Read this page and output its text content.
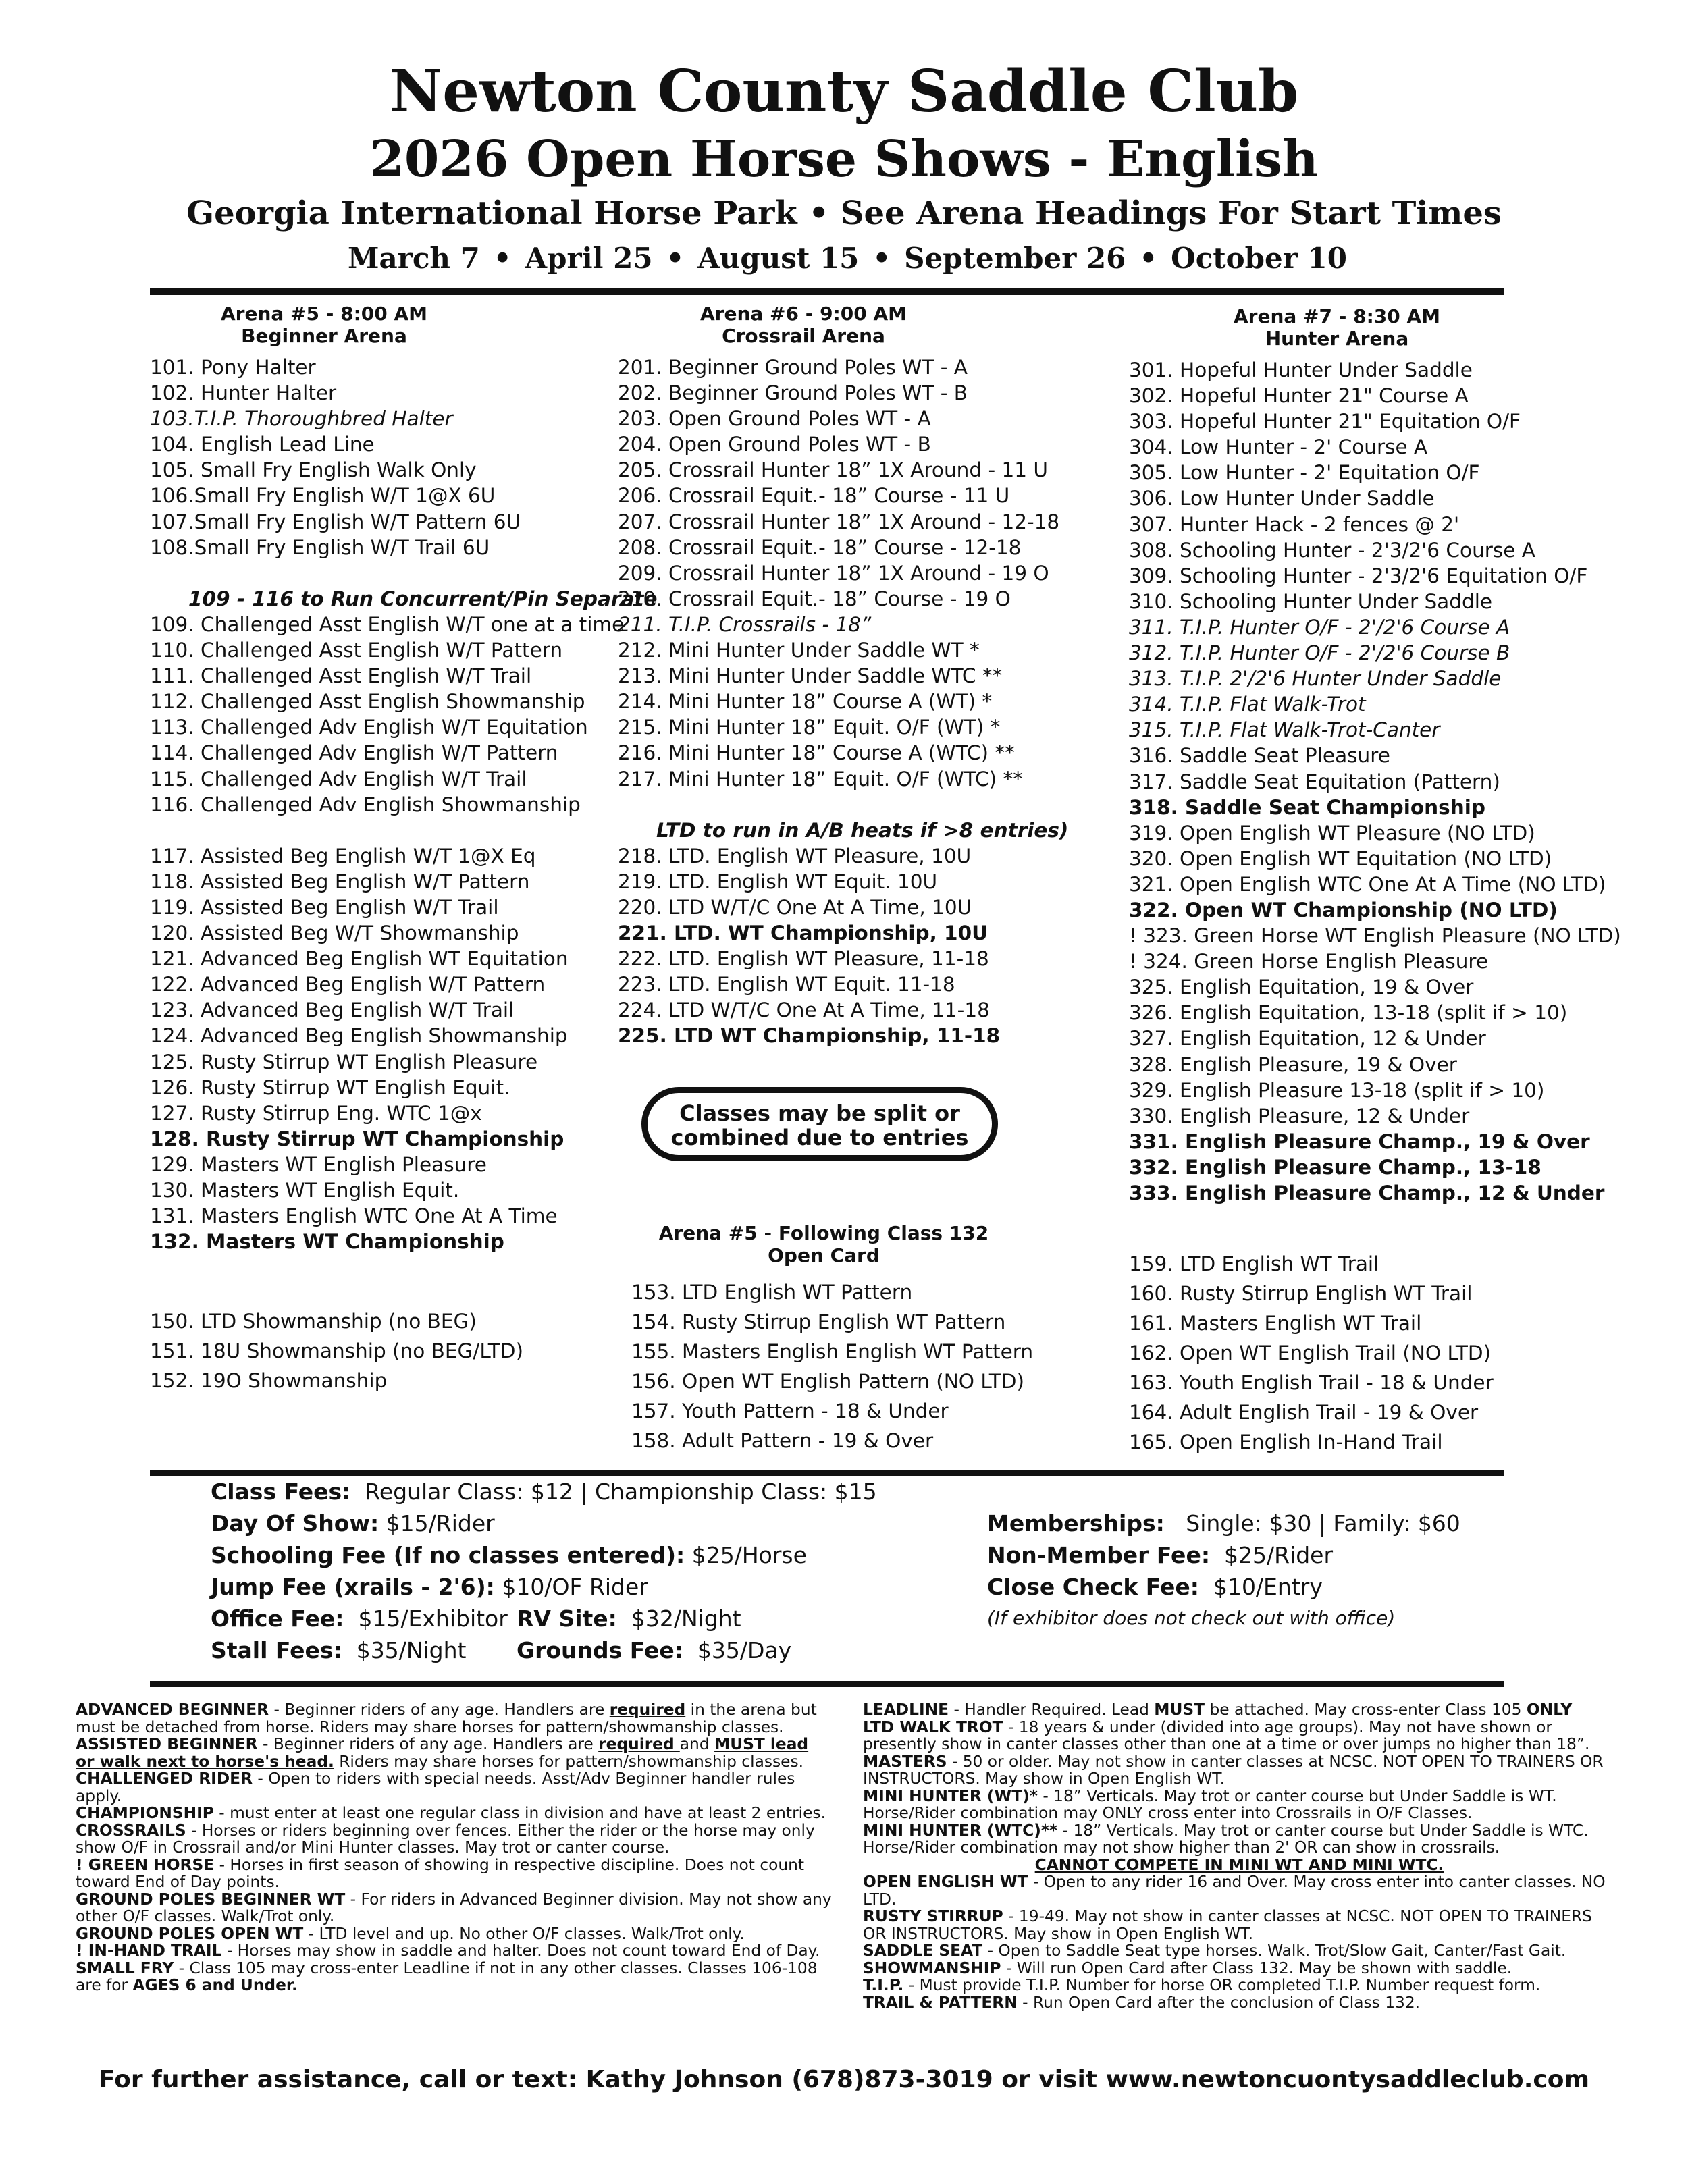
Newton County Saddle Club
2026 Open Horse Shows - English
Georgia International Horse Park • See Arena Headings For Start Times
March 7 • April 25 • August 15 • September 26 • October 10
Arena #5 - 8:00 AM
Beginner Arena
Arena #6 - 9:00 AM
Crossrail Arena
Arena #7 - 8:30 AM
Hunter Arena
101. Pony Halter
102. Hunter Halter
103.T.I.P. Thoroughbred Halter
104. English Lead Line
105. Small Fry English Walk Only
106.Small Fry English W/T 1@X 6U
107.Small Fry English W/T Pattern 6U
108.Small Fry English W/T Trail 6U
109 - 116 to Run Concurrent/Pin Separate
109. Challenged Asst English W/T one at a time
110. Challenged Asst English W/T Pattern
111. Challenged Asst English W/T Trail
112. Challenged Asst English Showmanship
113. Challenged Adv English W/T Equitation
114. Challenged Adv English W/T Pattern
115. Challenged Adv English W/T Trail
116. Challenged Adv English Showmanship
117. Assisted Beg English W/T 1@X Eq
118. Assisted Beg English W/T Pattern
119. Assisted Beg English W/T Trail
120. Assisted Beg W/T Showmanship
121. Advanced Beg English WT Equitation
122. Advanced Beg English W/T Pattern
123. Advanced Beg English W/T Trail
124. Advanced Beg English Showmanship
125. Rusty Stirrup WT English Pleasure
126. Rusty Stirrup WT English Equit.
127. Rusty Stirrup Eng. WTC 1@x
128. Rusty Stirrup WT Championship
129. Masters WT English Pleasure
130. Masters WT English Equit.
131. Masters English WTC One At A Time
132. Masters WT Championship
201. Beginner Ground Poles WT - A
202. Beginner Ground Poles WT - B
203. Open Ground Poles WT - A
204. Open Ground Poles WT - B
205. Crossrail Hunter 18” 1X Around - 11 U
206. Crossrail Equit.- 18” Course - 11 U
207. Crossrail Hunter 18” 1X Around - 12-18
208. Crossrail Equit.- 18” Course - 12-18
209. Crossrail Hunter 18” 1X Around - 19 O
210. Crossrail Equit.- 18” Course - 19 O
211. T.I.P. Crossrails - 18”
212. Mini Hunter Under Saddle WT *
213. Mini Hunter Under Saddle WTC **
214. Mini Hunter 18” Course A (WT) *
215. Mini Hunter 18” Equit. O/F (WT) *
216. Mini Hunter 18” Course A (WTC) **
217. Mini Hunter 18” Equit. O/F (WTC) **
LTD to run in A/B heats if >8 entries)
218. LTD. English WT Pleasure, 10U
219. LTD. English WT Equit. 10U
220. LTD W/T/C One At A Time, 10U
221. LTD. WT Championship, 10U
222. LTD. English WT Pleasure, 11-18
223. LTD. English WT Equit. 11-18
224. LTD W/T/C One At A Time, 11-18
225. LTD WT Championship, 11-18
301. Hopeful Hunter Under Saddle
302. Hopeful Hunter 21" Course A
303. Hopeful Hunter 21" Equitation O/F
304. Low Hunter - 2' Course A
305. Low Hunter - 2' Equitation O/F
306. Low Hunter Under Saddle
307. Hunter Hack - 2 fences @ 2'
308. Schooling Hunter - 2'3/2'6 Course A
309. Schooling Hunter - 2'3/2'6 Equitation O/F
310. Schooling Hunter Under Saddle
311. T.I.P. Hunter O/F - 2'/2'6 Course A
312. T.I.P. Hunter O/F - 2'/2'6 Course B
313. T.I.P. 2'/2'6 Hunter Under Saddle
314. T.I.P. Flat Walk-Trot
315. T.I.P. Flat Walk-Trot-Canter
316. Saddle Seat Pleasure
317. Saddle Seat Equitation (Pattern)
318. Saddle Seat Championship
319. Open English WT Pleasure (NO LTD)
320. Open English WT Equitation (NO LTD)
321. Open English WTC One At A Time (NO LTD)
322. Open WT Championship (NO LTD)
! 323. Green Horse WT English Pleasure (NO LTD)
! 324. Green Horse English Pleasure
325. English Equitation, 19 & Over
326. English Equitation, 13-18 (split if > 10)
327. English Equitation, 12 & Under
328. English Pleasure, 19 & Over
329. English Pleasure 13-18 (split if > 10)
330. English Pleasure, 12 & Under
331. English Pleasure Champ., 19 & Over
332. English Pleasure Champ., 13-18
333. English Pleasure Champ., 12 & Under
Classes may be split or
combined due to entries
Arena #5 - Following Class 132
Open Card
150. LTD Showmanship (no BEG)
151. 18U Showmanship (no BEG/LTD)
152. 19O Showmanship
153. LTD English WT Pattern
154. Rusty Stirrup English WT Pattern
155. Masters English English WT Pattern
156. Open WT English Pattern (NO LTD)
157. Youth Pattern - 18 & Under
158. Adult Pattern - 19 & Over
159. LTD English WT Trail
160. Rusty Stirrup English WT Trail
161. Masters English WT Trail
162. Open WT English Trail (NO LTD)
163. Youth English Trail - 18 & Under
164. Adult English Trail - 19 & Over
165. Open English In-Hand Trail
Class Fees: Regular Class: $12 | Championship Class: $15
Day Of Show: $15/Rider
Schooling Fee (If no classes entered): $25/Horse
Jump Fee (xrails - 2'6): $10/OF Rider
Office Fee: $15/Exhibitor RV Site: $32/Night
Stall Fees: $35/Night Grounds Fee: $35/Day
Memberships: Single: $30 | Family: $60
Non-Member Fee: $25/Rider
Close Check Fee: $10/Entry
(If exhibitor does not check out with office)

ADVANCED BEGINNER - Beginner riders of any age. Handlers are required in the arena but must be detached from horse. Riders may share horses for pattern/showmanship classes.

ASSISTED BEGINNER - Beginner riders of any age. Handlers are required and MUST lead or walk next to horse's head. Riders may share horses for pattern/showmanship classes.

CHALLENGED RIDER - Open to riders with special needs. Asst/Adv Beginner handler rules apply.

CHAMPIONSHIP - must enter at least one regular class in division and have at least 2 entries.

CROSSRAILS - Horses or riders beginning over fences. Either the rider or the horse may only show O/F in Crossrail and/or Mini Hunter classes. May trot or canter course.

! GREEN HORSE - Horses in first season of showing in respective discipline. Does not count toward End of Day points.

GROUND POLES BEGINNER WT - For riders in Advanced Beginner division. May not show any other O/F classes. Walk/Trot only.

GROUND POLES OPEN WT - LTD level and up. No other O/F classes. Walk/Trot only.

! IN-HAND TRAIL - Horses may show in saddle and halter. Does not count toward End of Day.

SMALL FRY - Class 105 may cross-enter Leadline if not in any other classes. Classes 106-108 are for AGES 6 and Under.

LEADLINE - Handler Required. Lead MUST be attached. May cross-enter Class 105 ONLY

LTD WALK TROT - 18 years & under (divided into age groups). May not have shown or presently show in canter classes other than one at a time or over jumps no higher than 18”.

MASTERS - 50 or older. May not show in canter classes at NCSC. NOT OPEN TO TRAINERS OR INSTRUCTORS. May show in Open English WT.

MINI HUNTER (WT)* - 18” Verticals. May trot or canter course but Under Saddle is WT. Horse/Rider combination may ONLY cross enter into Crossrails in O/F Classes.

MINI HUNTER (WTC)** - 18” Verticals. May trot or canter course but Under Saddle is WTC. Horse/Rider combination may not show higher than 2' OR can show in crossrails.

CANNOT COMPETE IN MINI WT AND MINI WTC.

OPEN ENGLISH WT - Open to any rider 16 and Over. May cross enter into canter classes. NO LTD.

RUSTY STIRRUP - 19-49. May not show in canter classes at NCSC. NOT OPEN TO TRAINERS OR INSTRUCTORS. May show in Open English WT.

SADDLE SEAT - Open to Saddle Seat type horses. Walk. Trot/Slow Gait, Canter/Fast Gait.

SHOWMANSHIP - Will run Open Card after Class 132. May be shown with saddle.

T.I.P. - Must provide T.I.P. Number for horse OR completed T.I.P. Number request form.

TRAIL & PATTERN - Run Open Card after the conclusion of Class 132.

For further assistance, call or text: Kathy Johnson (678)873-3019 or visit www.newtoncuontysaddleclub.com
